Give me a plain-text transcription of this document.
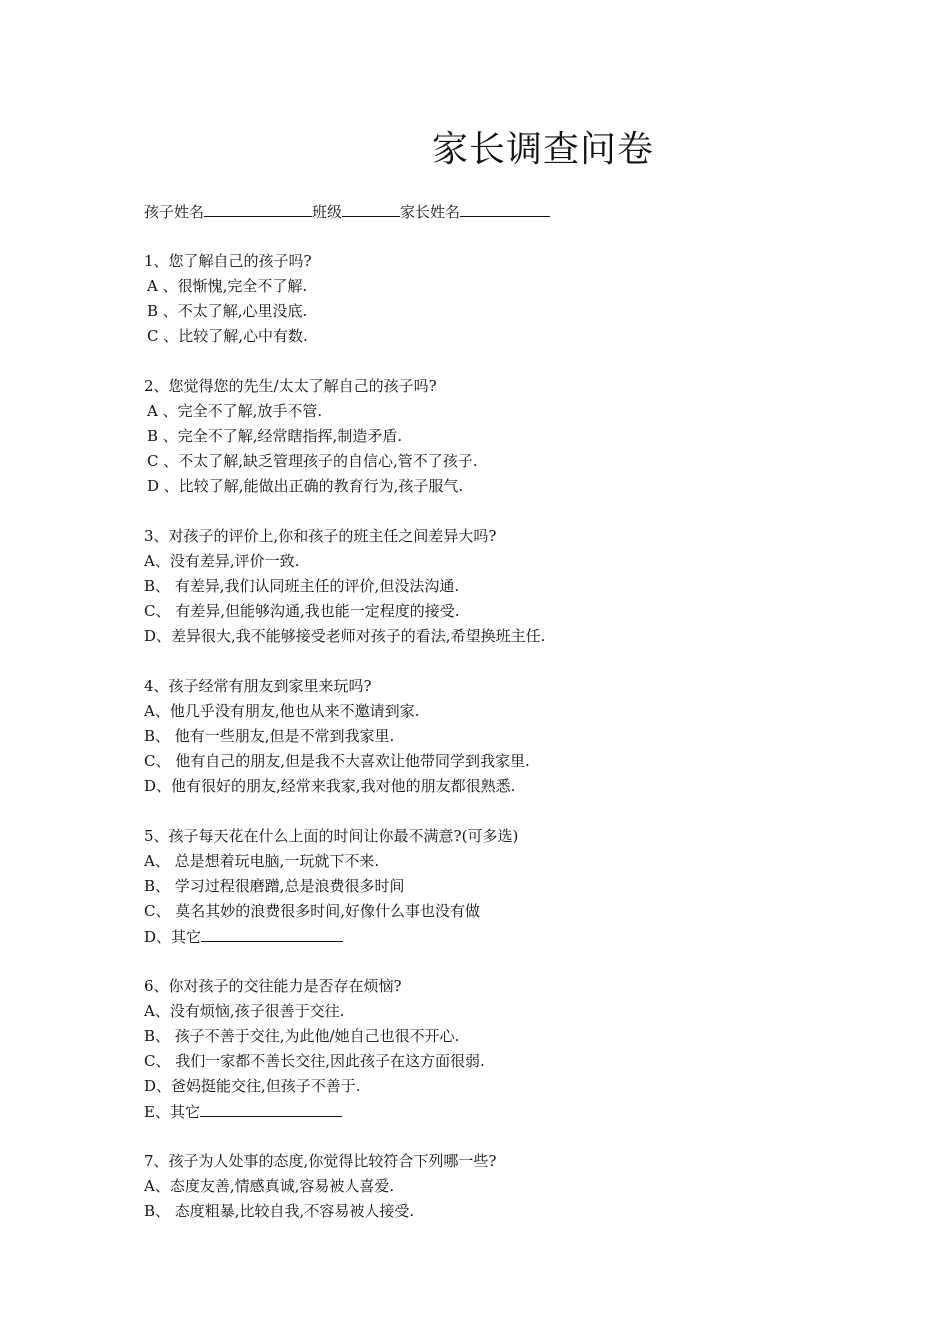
家长调查问卷
孩子姓名	班级	家长姓名
1、您了解自己的孩子吗?
A 、很惭愧,完全不了解.
B 、不太了解,心里没底.
C 、比较了解,心中有数.
2、您觉得您的先生/太太了解自己的孩子吗?
A 、完全不了解,放手不管.
B 、完全不了解,经常瞎指挥,制造矛盾.
C 、不太了解,缺乏管理孩子的自信心,管不了孩子.
D 、比较了解,能做出正确的教育行为,孩子服气.
3、对孩子的评价上,你和孩子的班主任之间差异大吗?
A、没有差异,评价一致.
B、 有差异,我们认同班主任的评价,但没法沟通.
C、 有差异,但能够沟通,我也能一定程度的接受.
D、差异很大,我不能够接受老师对孩子的看法,希望换班主任.
4、孩子经常有朋友到家里来玩吗?
A、他几乎没有朋友,他也从来不邀请到家.
B、 他有一些朋友,但是不常到我家里.
C、 他有自己的朋友,但是我不大喜欢让他带同学到我家里.
D、他有很好的朋友,经常来我家,我对他的朋友都很熟悉.
5、孩子每天花在什么上面的时间让你最不满意?(可多选)
A、 总是想着玩电脑,一玩就下不来.
B、 学习过程很磨蹭,总是浪费很多时间
C、 莫名其妙的浪费很多时间,好像什么事也没有做
D、其它
6、你对孩子的交往能力是否存在烦恼?
A、没有烦恼,孩子很善于交往.
B、 孩子不善于交往,为此他/她自己也很不开心.
C、 我们一家都不善长交往,因此孩子在这方面很弱.
D、爸妈挺能交往,但孩子不善于.
E、其它
7、孩子为人处事的态度,你觉得比较符合下列哪一些?
A、态度友善,情感真诚,容易被人喜爱.
B、 态度粗暴,比较自我,不容易被人接受.
